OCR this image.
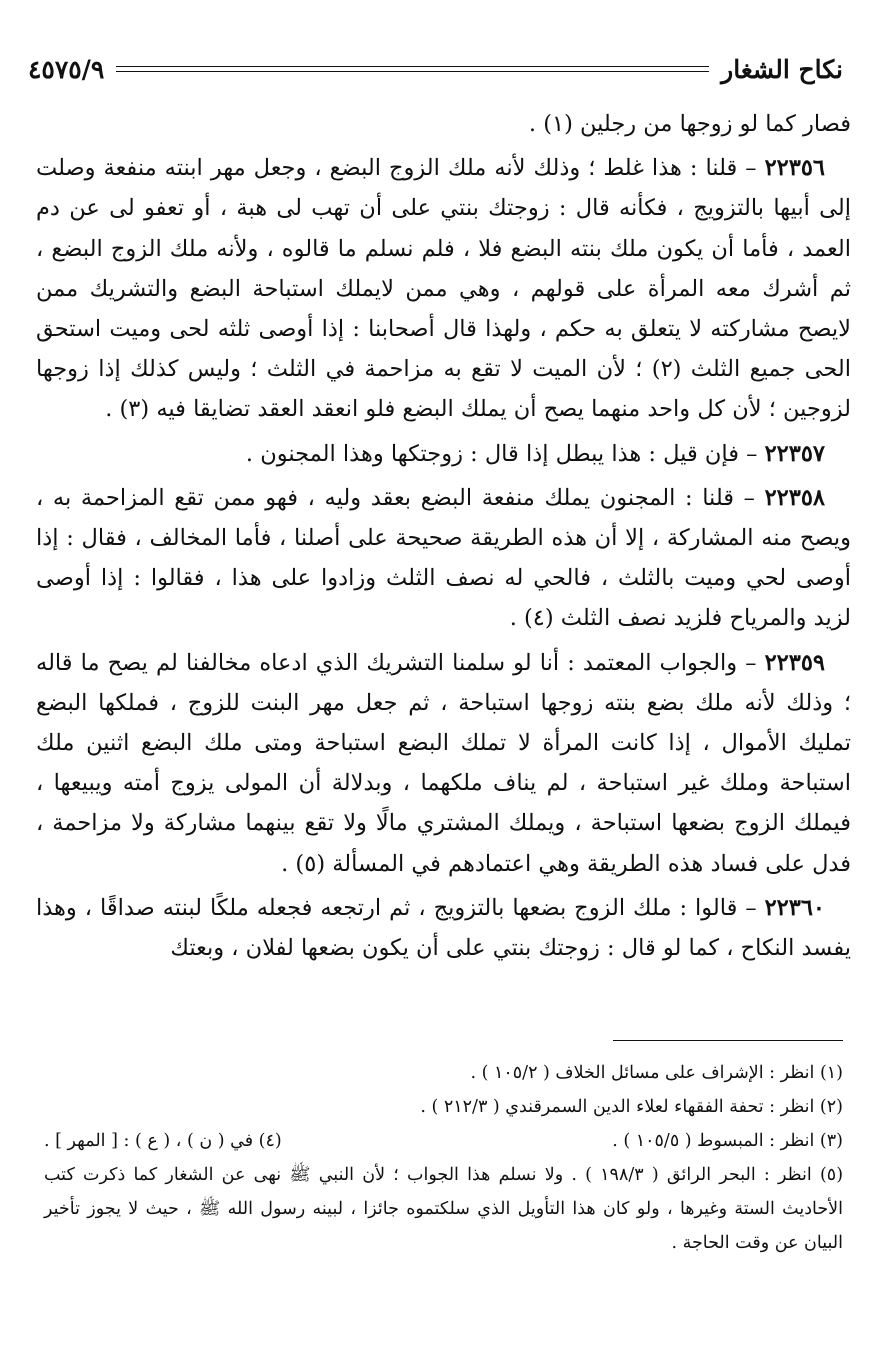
نكاح الشغار
٤٥٧٥/٩

فصار كما لو زوجها من رجلين (١) .

٢٢٣٥٦ – قلنا : هذا غلط ؛ وذلك لأنه ملك الزوج البضع ، وجعل مهر ابنته منفعة وصلت إلى أبيها بالتزويج ، فكأنه قال : زوجتك بنتي على أن تهب لى هبة ، أو تعفو لى عن دم العمد ، فأما أن يكون ملك بنته البضع فلا ، فلم نسلم ما قالوه ، ولأنه ملك الزوج البضع ، ثم أشرك معه المرأة على قولهم ، وهي ممن لايملك استباحة البضع والتشريك ممن لايصح مشاركته لا يتعلق به حكم ، ولهذا قال أصحابنا : إذا أوصى ثلثه لحى وميت استحق الحى جميع الثلث (٢) ؛ لأن الميت لا تقع به مزاحمة في الثلث ؛ وليس كذلك إذا زوجها لزوجين ؛ لأن كل واحد منهما يصح أن يملك البضع فلو انعقد العقد تضايقا فيه (٣) .

٢٢٣٥٧ – فإن قيل : هذا يبطل إذا قال : زوجتكها وهذا المجنون .

٢٢٣٥٨ – قلنا : المجنون يملك منفعة البضع بعقد وليه ، فهو ممن تقع المزاحمة به ، ويصح منه المشاركة ، إلا أن هذه الطريقة صحيحة على أصلنا ، فأما المخالف ، فقال : إذا أوصى لحي وميت بالثلث ، فالحي له نصف الثلث وزادوا على هذا ، فقالوا : إذا أوصى لزيد والمرياح فلزيد نصف الثلث (٤) .

٢٢٣٥٩ – والجواب المعتمد : أنا لو سلمنا التشريك الذي ادعاه مخالفنا لم يصح ما قاله ؛ وذلك لأنه ملك بضع بنته زوجها استباحة ، ثم جعل مهر البنت للزوج ، فملكها البضع تمليك الأموال ، إذا كانت المرأة لا تملك البضع استباحة ومتى ملك البضع اثنين ملك استباحة وملك غير استباحة ، لم يناف ملكهما ، وبدلالة أن المولى يزوج أمته ويبيعها ، فيملك الزوج بضعها استباحة ، ويملك المشتري مالًا ولا تقع بينهما مشاركة ولا مزاحمة ، فدل على فساد هذه الطريقة وهي اعتمادهم في المسألة (٥) .

٢٢٣٦٠ – قالوا : ملك الزوج بضعها بالتزويج ، ثم ارتجعه فجعله ملكًا لبنته صداقًا ، وهذا يفسد النكاح ، كما لو قال : زوجتك بنتي على أن يكون بضعها لفلان ، وبعتك

(١) انظر : الإشراف على مسائل الخلاف ( ١٠٥/٢ ) .
(٢) انظر : تحفة الفقهاء لعلاء الدين السمرقندي ( ٢١٢/٣ ) .
(٣) انظر : المبسوط ( ١٠٥/٥ ) .
(٤) في ( ن ) ، ( ع ) : [ المهر ] .
(٥) انظر : البحر الرائق ( ١٩٨/٣ ) . ولا نسلم هذا الجواب ؛ لأن النبي ﷺ نهى عن الشغار كما ذكرت كتب الأحاديث الستة وغيرها ، ولو كان هذا التأويل الذي سلكتموه جائزا ، لبينه رسول الله ﷺ ، حيث لا يجوز تأخير البيان عن وقت الحاجة .
